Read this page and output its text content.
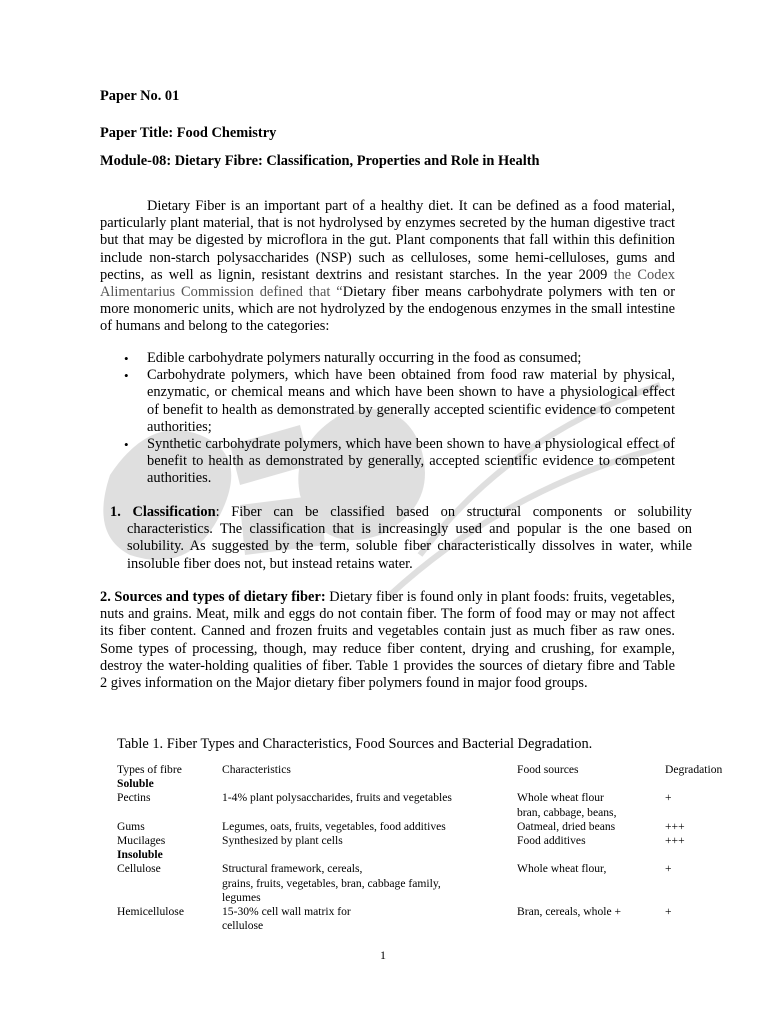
Paper No. 01
Paper Title: Food Chemistry
Module-08: Dietary Fibre: Classification, Properties and Role in Health

Dietary Fiber is an important part of a healthy diet. It can be defined as a food material, particularly plant material, that is not hydrolysed by enzymes secreted by the human digestive tract but that may be digested by microflora in the gut. Plant components that fall within this definition include non-starch polysaccharides (NSP) such as celluloses, some hemi-celluloses, gums and pectins, as well as lignin, resistant dextrins and resistant starches. In the year 2009 the Codex Alimentarius Commission defined that “Dietary fiber means carbohydrate polymers with ten or more monomeric units, which are not hydrolyzed by the endogenous enzymes in the small intestine of humans and belong to the categories:

• Edible carbohydrate polymers naturally occurring in the food as consumed;
• Carbohydrate polymers, which have been obtained from food raw material by physical, enzymatic, or chemical means and which have been shown to have a physiological effect of benefit to health as demonstrated by generally accepted scientific evidence to competent authorities;
• Synthetic carbohydrate polymers, which have been shown to have a physiological effect of benefit to health as demonstrated by generally, accepted scientific evidence to competent authorities.

1. Classification: Fiber can be classified based on structural components or solubility characteristics. The classification that is increasingly used and popular is the one based on solubility. As suggested by the term, soluble fiber characteristically dissolves in water, while insoluble fiber does not, but instead retains water.

2. Sources and types of dietary fiber: Dietary fiber is found only in plant foods: fruits, vegetables, nuts and grains. Meat, milk and eggs do not contain fiber. The form of food may or may not affect its fiber content. Canned and frozen fruits and vegetables contain just as much fiber as raw ones. Some types of processing, though, may reduce fiber content, drying and crushing, for example, destroy the water-holding qualities of fiber. Table 1 provides the sources of dietary fibre and Table 2 gives information on the Major dietary fiber polymers found in major food groups.

Table 1. Fiber Types and Characteristics, Food Sources and Bacterial Degradation.
Types of fibre	Characteristics	Food sources	Degradation
Soluble
Pectins	1-4% plant polysaccharides, fruits and vegetables	Whole wheat flour	+
bran, cabbage, beans,
Gums	Legumes, oats, fruits, vegetables, food additives	Oatmeal, dried beans	+++
Mucilages	Synthesized by plant cells	Food additives	+++
Insoluble
Cellulose	Structural framework, cereals,	Whole wheat flour,	+
grains, fruits, vegetables, bran, cabbage family,
legumes
Hemicellulose	15-30% cell wall matrix for	Bran, cereals, whole +	+
cellulose
1
